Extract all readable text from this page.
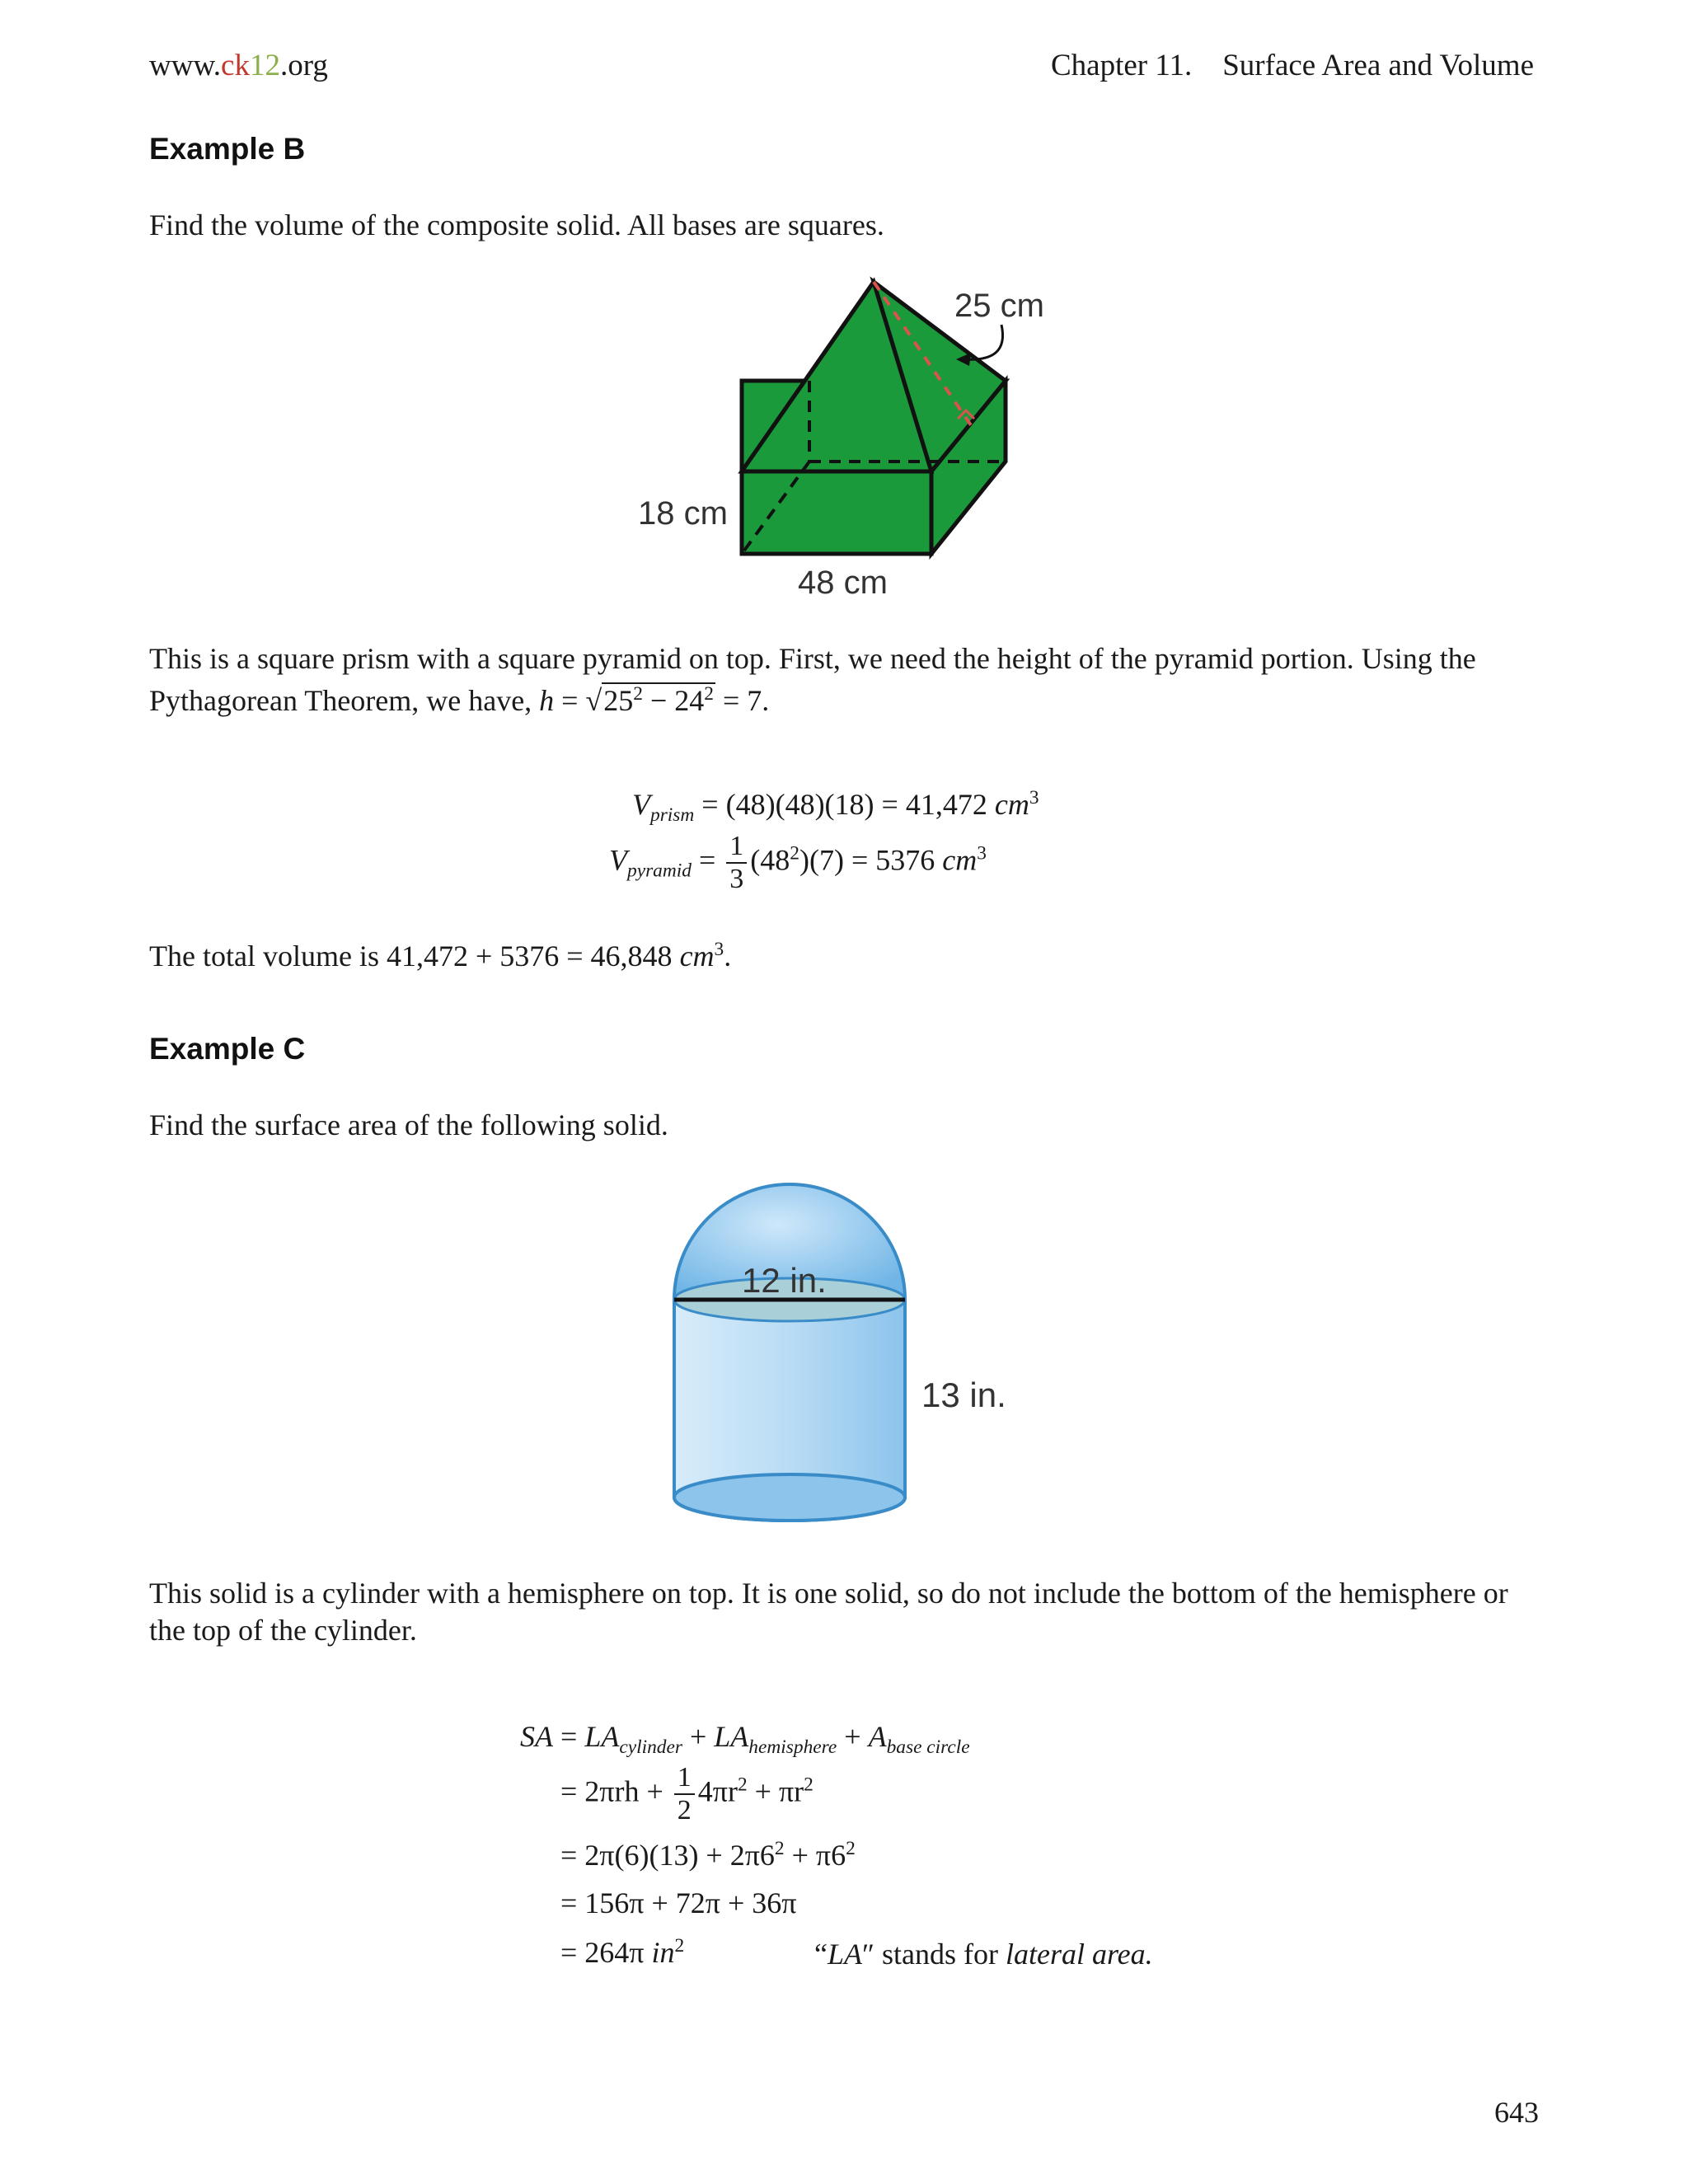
www.ck12.org	Chapter 11.    Surface Area and Volume
Example B
Find the volume of the composite solid. All bases are squares.
25 cm
18 cm
48 cm
This is a square prism with a square pyramid on top. First, we need the height of the pyramid portion. Using the
Pythagorean Theorem, we have, $h = √25^2 - 24^2 = 7$.
$V_{prism} = (48)(48)(18) = 41,472$ $cm^3$
$V_{pyramid} = \frac{1}{3} (48^2)(7) = 5376$ $cm^3$
The total volume is 41,472 + 5376 = 46,848 $cm^3$.
Example C
Find the surface area of the following solid.
12 in.
13 in.
This solid is a cylinder with a hemisphere on top. It is one solid, so do not include the bottom of the hemisphere or
the top of the cylinder.
SA = $LA_{cylinder} + LA_{hemisphere} + A_{base circle}$
= $2\pi rh + \frac{1}{2} 4\pi r^2 + \pi r^2$
= $2\pi(6)(13) + 2\pi 6^2 + \pi 6^2$
= 156π + 72π + 36π
= 264π $in^2$	“LA″ stands for lateral area.
643
